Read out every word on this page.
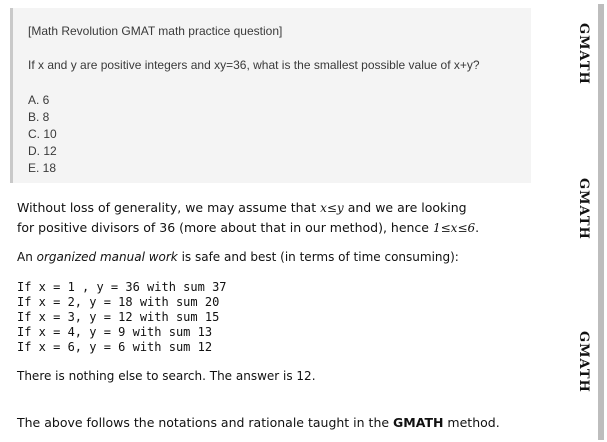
[Math Revolution GMAT math practice question]
If x and y are positive integers and xy=36, what is the smallest possible value of x+y?
A. 6
B. 8
C. 10
D. 12
E. 18
Without loss of generality, we may assume that x≤y and we are looking
for positive divisors of 36 (more about that in our method), hence 1≤x≤6.
An organized manual work is safe and best (in terms of time consuming):
If x = 1 , y = 36 with sum 37
If x = 2, y = 18 with sum 20
If x = 3, y = 12 with sum 15
If x = 4, y = 9 with sum 13
If x = 6, y = 6 with sum 12
There is nothing else to search. The answer is 12.
The above follows the notations and rationale taught in the GMATH method.
GMATH
GMATH
GMATH
